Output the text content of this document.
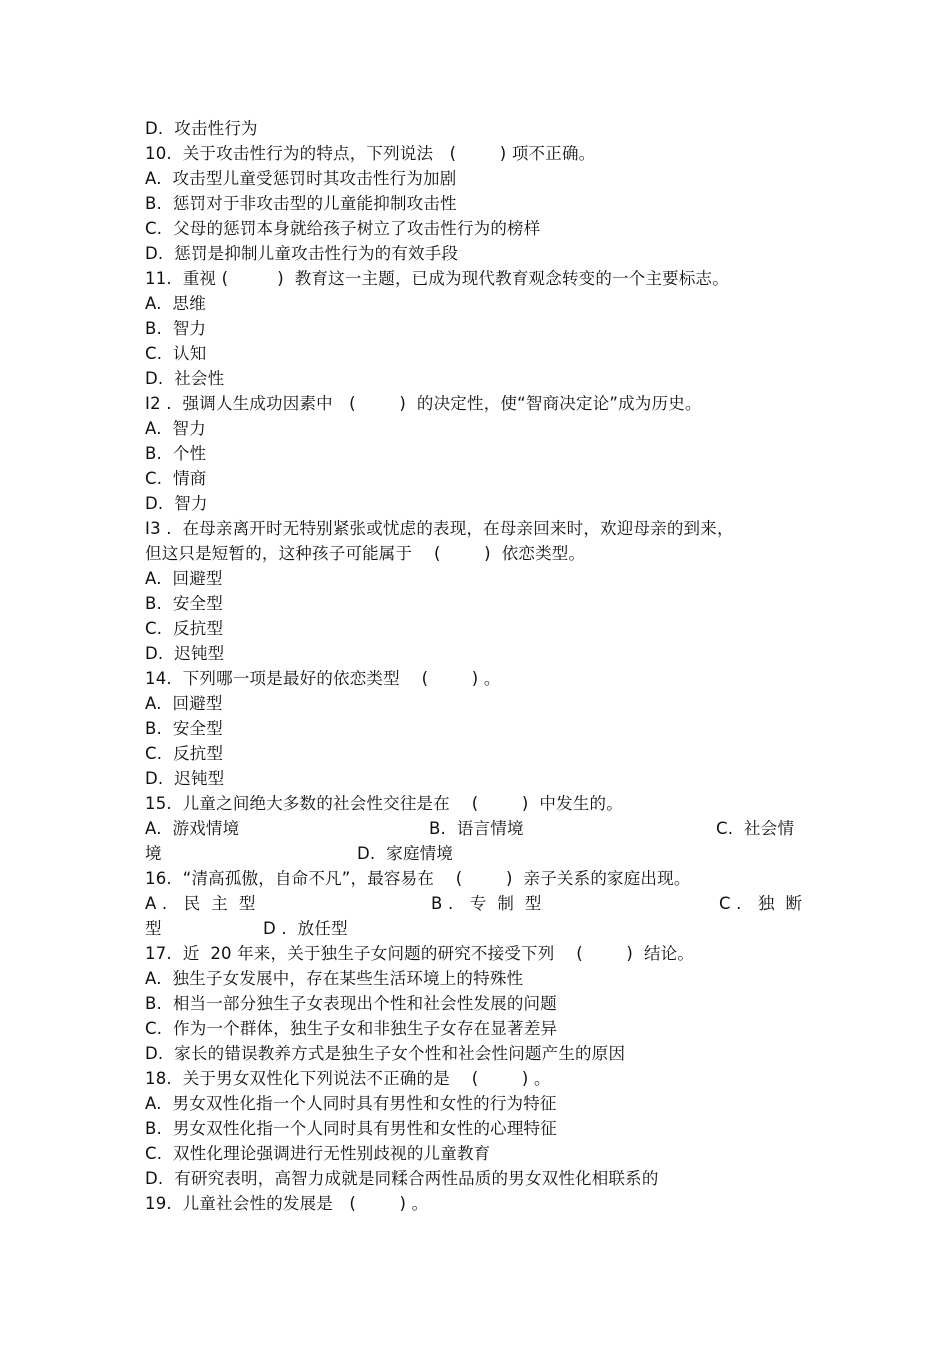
D.  攻击性行为
10.  关于攻击性行为的特点，下列说法   (        ) 项不正确。
A.  攻击型儿童受惩罚时其攻击性行为加剧
B.  惩罚对于非攻击型的儿童能抑制攻击性
C.  父母的惩罚本身就给孩子树立了攻击性行为的榜样
D.  惩罚是抑制儿童攻击性行为的有效手段
11.  重视 (         )  教育这一主题，已成为现代教育观念转变的一个主要标志。
A.  思维
B.  智力
C.  认知
D.  社会性
I2 .  强调人生成功因素中   (        )  的决定性，使“智商决定论”成为历史。
A.  智力
B.  个性
C.  情商
D.  智力
I3 .  在母亲离开时无特别紧张或忧虑的表现，在母亲回来时，欢迎母亲的到来，
但这只是短暂的，这种孩子可能属于    (        )  依恋类型。
A.  回避型
B.  安全型
C.  反抗型
D.  迟钝型
14.  下列哪一项是最好的依恋类型    (        ) 。
A.  回避型
B.  安全型
C.  反抗型
D.  迟钝型
15.  儿童之间绝大多数的社会性交往是在    (        )  中发生的。

A.  游戏情境

	B.  语言情境

	C.  社会情

境

	D.  家庭情境

16.  “清高孤傲，自命不凡”，最容易在    (        )  亲子关系的家庭出现。

A .   民  主  型

	B .   专  制  型

	C .   独  断

型

	D .  放任型

17.  近  20 年来，关于独生子女问题的研究不接受下列    (        )  结论。
A.  独生子女发展中，存在某些生活环境上的特殊性
B.  相当一部分独生子女表现出个性和社会性发展的问题
C.  作为一个群体，独生子女和非独生子女存在显著差异
D.  家长的错误教养方式是独生子女个性和社会性问题产生的原因
18.  关于男女双性化下列说法不正确的是    (        ) 。
A.  男女双性化指一个人同时具有男性和女性的行为特征
B.  男女双性化指一个人同时具有男性和女性的心理特征
C.  双性化理论强调进行无性别歧视的儿童教育
D.  有研究表明，高智力成就是同糅合两性品质的男女双性化相联系的
19.  儿童社会性的发展是   (        ) 。
